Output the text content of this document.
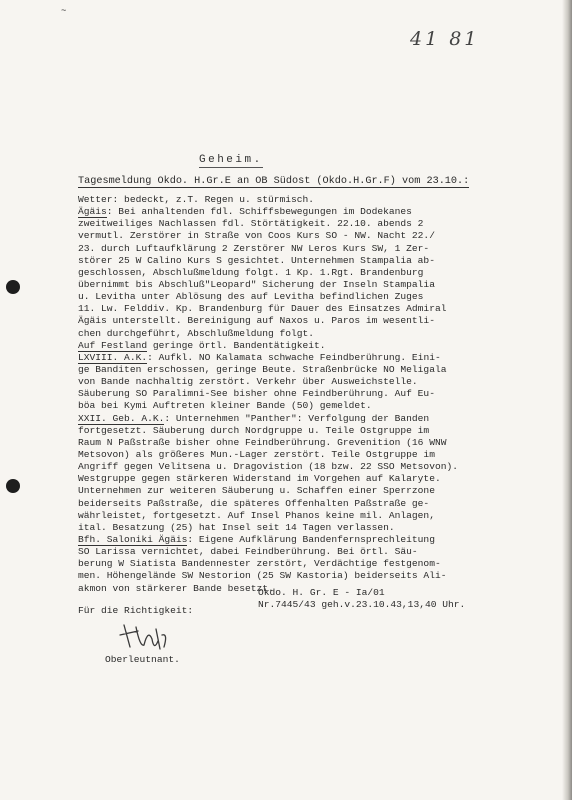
~
41 81
Geheim.
Tagesmeldung Okdo. H.Gr.E an OB Südost (Okdo.H.Gr.F) vom 23.10.:
Wetter: bedeckt, z.T. Regen u. stürmisch.
Ägäis: Bei anhaltenden fdl. Schiffsbewegungen im Dodekanes
zweitweiliges Nachlassen fdl. Störtätigkeit. 22.10. abends 2
vermutl. Zerstörer in Straße von Coos Kurs SO - NW. Nacht 22./
23. durch Luftaufklärung 2 Zerstörer NW Leros Kurs SW, 1 Zer-
störer 25 W Calino Kurs S gesichtet. Unternehmen Stampalia ab-
geschlossen, Abschlußmeldung folgt. 1 Kp. 1.Rgt. Brandenburg
übernimmt bis Abschluß"Leopard" Sicherung der Inseln Stampalia
u. Levitha unter Ablösung des auf Levitha befindlichen Zuges
11. Lw. Felddiv. Kp. Brandenburg für Dauer des Einsatzes Admiral
Ägäis unterstellt. Bereinigung auf Naxos u. Paros im wesentli-
chen durchgeführt, Abschlußmeldung folgt.
Auf Festland geringe örtl. Bandentätigkeit.
LXVIII. A.K.: Aufkl. NO Kalamata schwache Feindberührung. Eini-
ge Banditen erschossen, geringe Beute. Straßenbrücke NO Meligala
von Bande nachhaltig zerstört. Verkehr über Ausweichstelle.
Säuberung SO Paralimni-See bisher ohne Feindberührung. Auf Eu-
böa bei Kymi Auftreten kleiner Bande (50) gemeldet.
XXII. Geb. A.K.: Unternehmen "Panther": Verfolgung der Banden
fortgesetzt. Säuberung durch Nordgruppe u. Teile Ostgruppe im
Raum N Paßstraße bisher ohne Feindberührung. Grevenition (16 WNW
Metsovon) als größeres Mun.-Lager zerstört. Teile Ostgruppe im
Angriff gegen Velitsena u. Dragovistion (18 bzw. 22 SSO Metsovon).
Westgruppe gegen stärkeren Widerstand im Vorgehen auf Kalaryte.
Unternehmen zur weiteren Säuberung u. Schaffen einer Sperrzone
beiderseits Paßstraße, die späteres Offenhalten Paßstraße ge-
währleistet, fortgesetzt. Auf Insel Phanos keine mil. Anlagen,
ital. Besatzung (25) hat Insel seit 14 Tagen verlassen.
Bfh. Saloniki Ägäis: Eigene Aufklärung Bandenfernsprechleitung
SO Larissa vernichtet, dabei Feindberührung. Bei örtl. Säu-
berung W Siatista Bandennester zerstört, Verdächtige festgenom-
men. Höhengelände SW Nestorion (25 SW Kastoria) beiderseits Ali-
akmon von stärkerer Bande besetzt.
Okdo. H. Gr. E - Ia/01
Nr.7445/43 geh.v.23.10.43,13,40 Uhr.
Für die Richtigkeit:
Oberleutnant.
